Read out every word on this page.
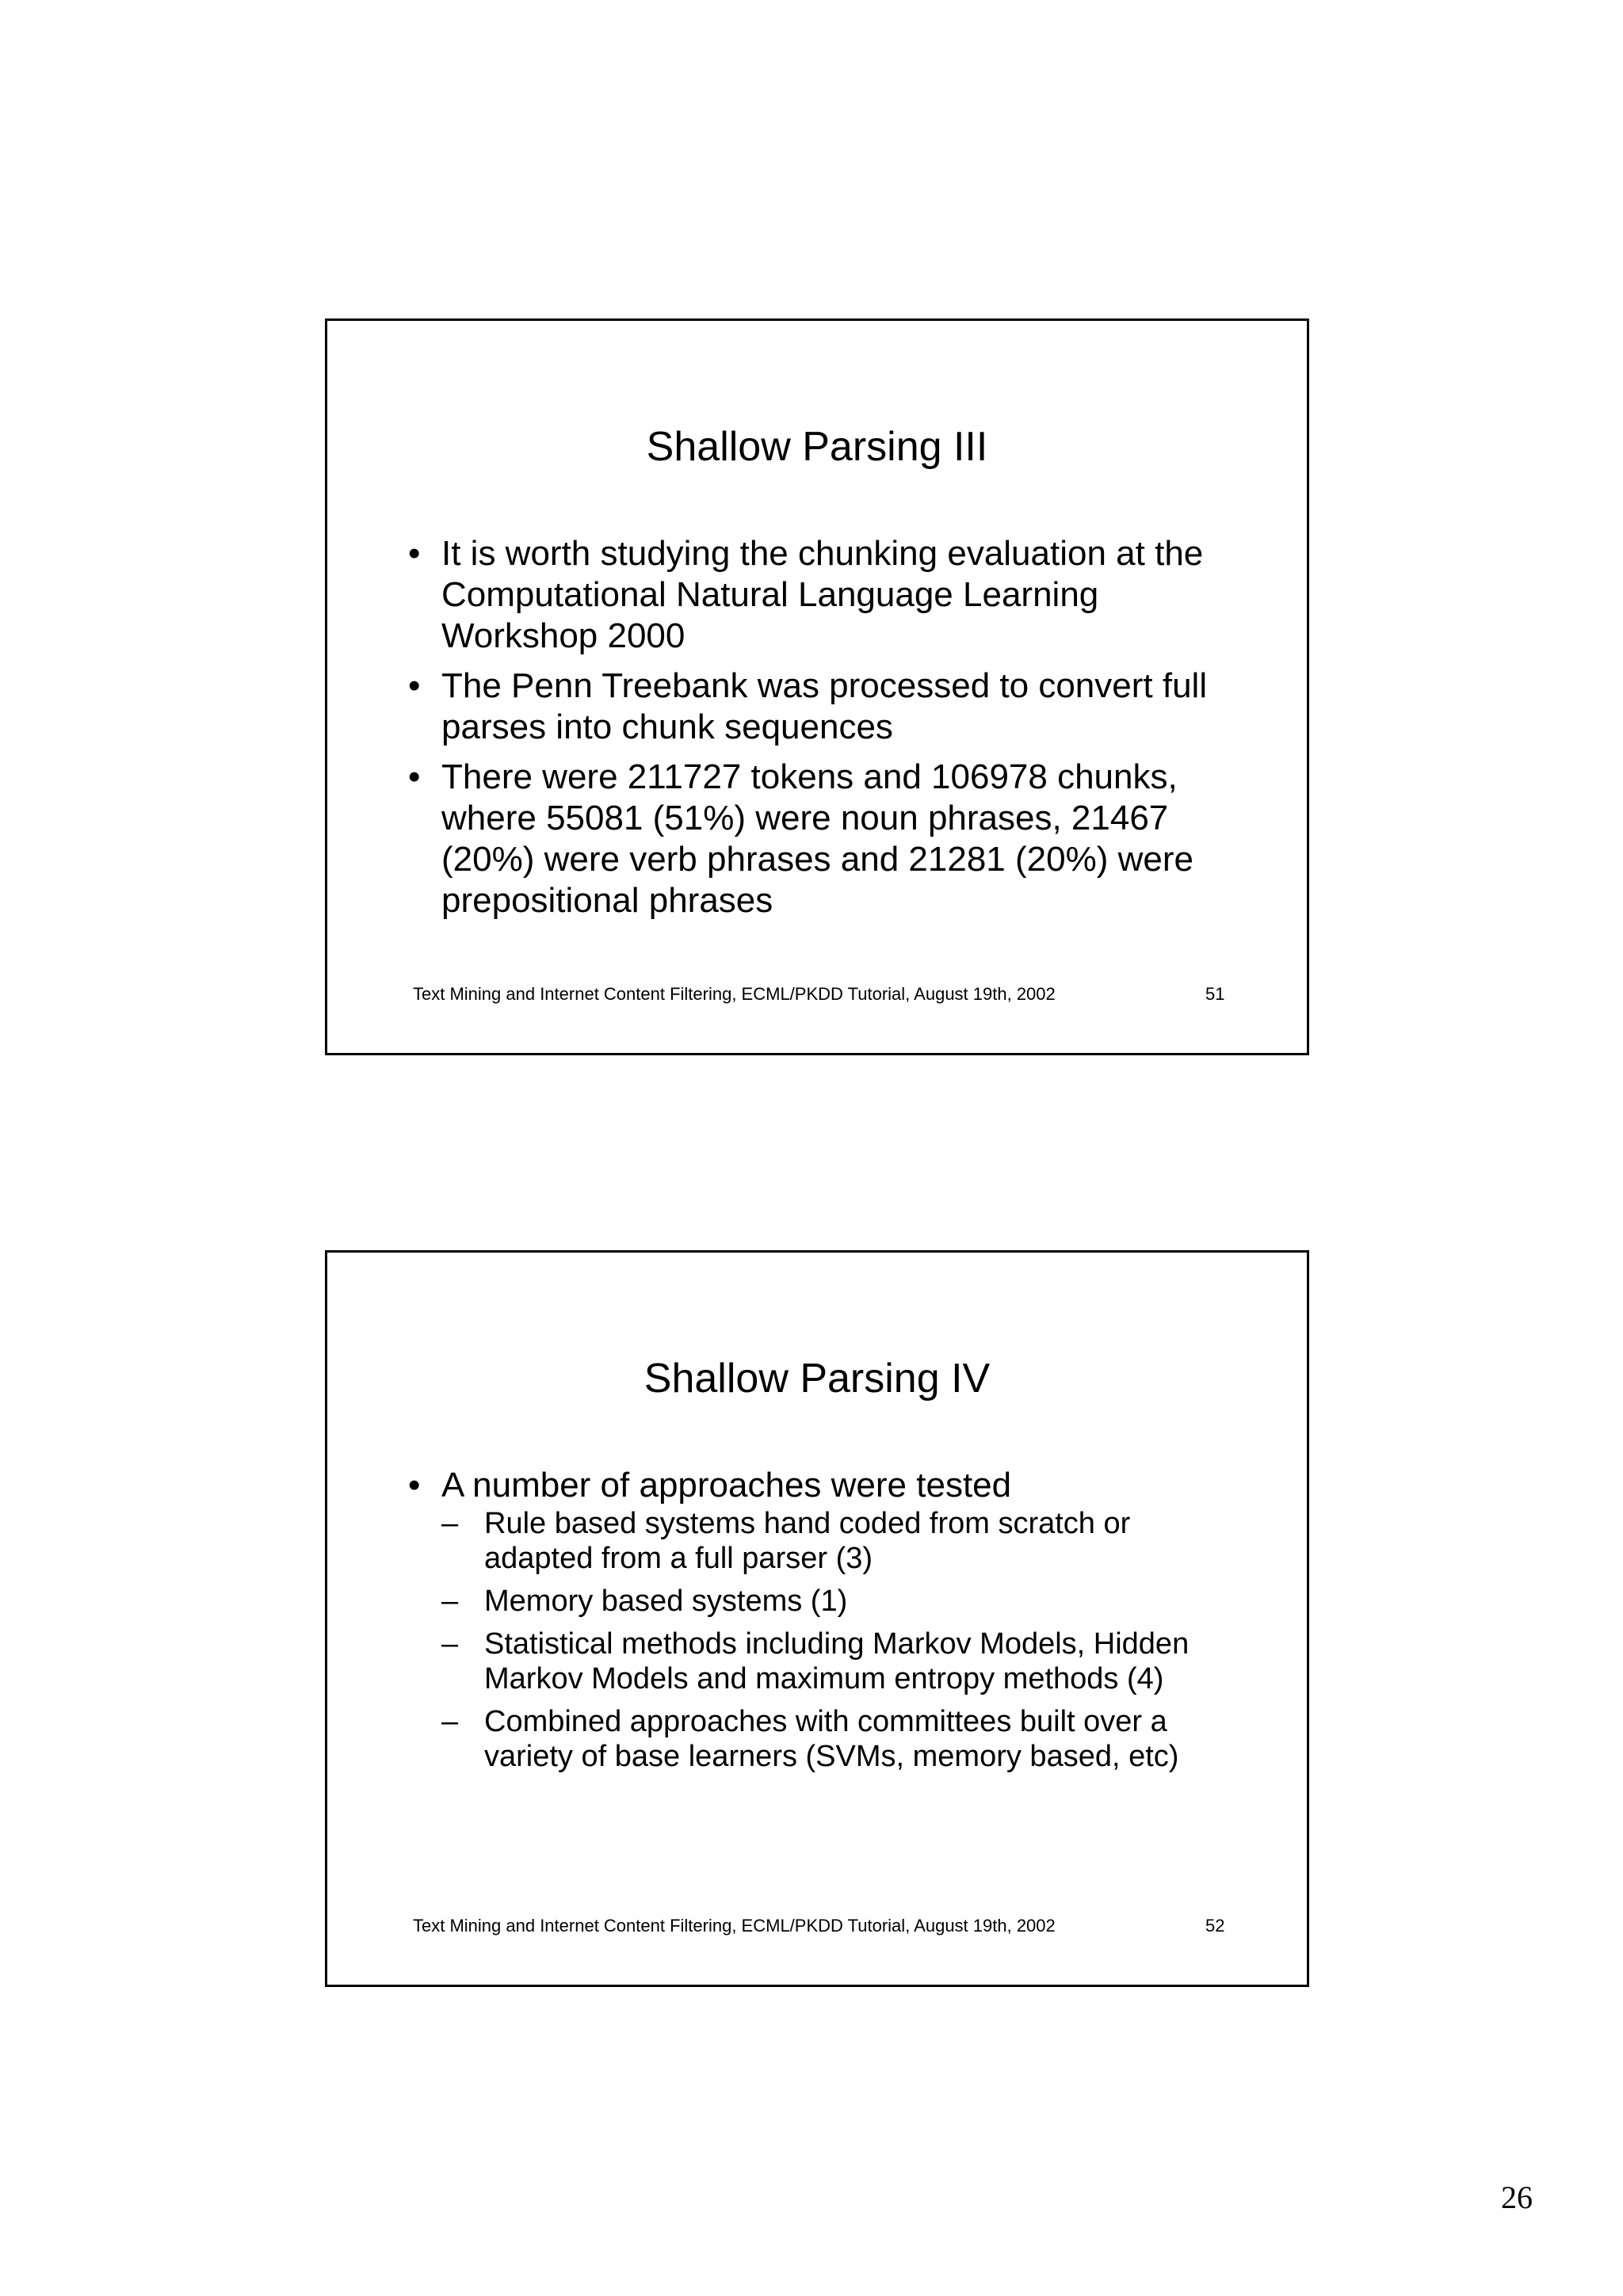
Shallow Parsing III
• It is worth studying the chunking evaluation at the Computational Natural Language Learning Workshop 2000
• The Penn Treebank was processed to convert full parses into chunk sequences
• There were 211727 tokens and 106978 chunks, where 55081 (51%) were noun phrases, 21467 (20%) were verb phrases and 21281 (20%) were prepositional phrases
Text Mining and Internet Content Filtering, ECML/PKDD Tutorial, August 19th, 2002	51
Shallow Parsing IV
• A number of approaches were tested
– Rule based systems hand coded from scratch or adapted from a full parser (3)
– Memory based systems (1)
– Statistical methods including Markov Models, Hidden Markov Models and maximum entropy methods (4)
– Combined approaches with committees built over a variety of base learners (SVMs, memory based, etc)
Text Mining and Internet Content Filtering, ECML/PKDD Tutorial, August 19th, 2002	52
26
